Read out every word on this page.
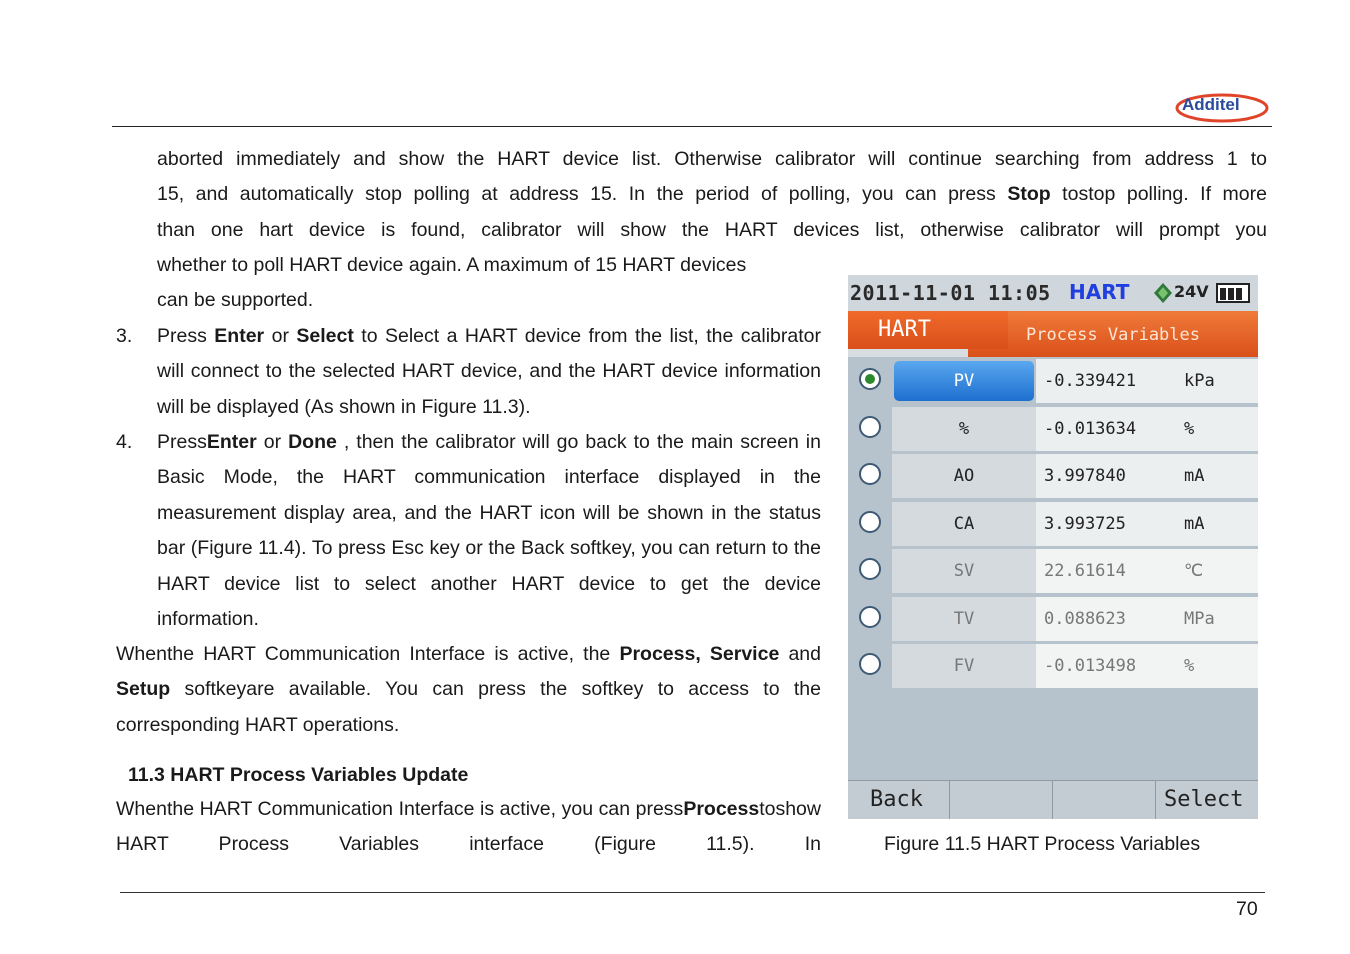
Additel
aborted immediately and show the HART device list. Otherwise calibrator will continue searching from address 1 to
15, and automatically stop polling at address 15. In the period of polling, you can press Stop tostop polling. If more
than one hart device is found, calibrator will show the HART devices list, otherwise calibrator will prompt you
whether to poll HART device again. A maximum of 15 HART devices
can be supported.
3. Press Enter or Select to Select a HART device from the list, the calibrator will connect to the selected HART device, and the HART device information will be displayed (As shown in Figure 11.3).
4. PressEnter or Done , then the calibrator will go back to the main screen in Basic Mode, the HART communication interface displayed in the measurement display area, and the HART icon will be shown in the status bar (Figure 11.4). To press Esc key or the Back softkey, you can return to the HART device list to select another HART device to get the device information.
Whenthe HART Communication Interface is active, the Process, Service and Setup softkeyare available. You can press the softkey to access to the corresponding HART operations.
11.3 HART Process Variables Update
Whenthe HART Communication Interface is active, you can pressProcesstoshow HART Process Variables interface (Figure 11.5). In
2011-11-01 11:05 HART	24V
Process Variables
HART
PV	-0.339421	kPa
%	-0.013634	%
AO	3.997840	mA
CA	3.993725	mA
SV	22.61614	℃
TV	0.088623	MPa
FV	-0.013498	%
Back	Select
Figure 11.5 HART Process Variables
70
